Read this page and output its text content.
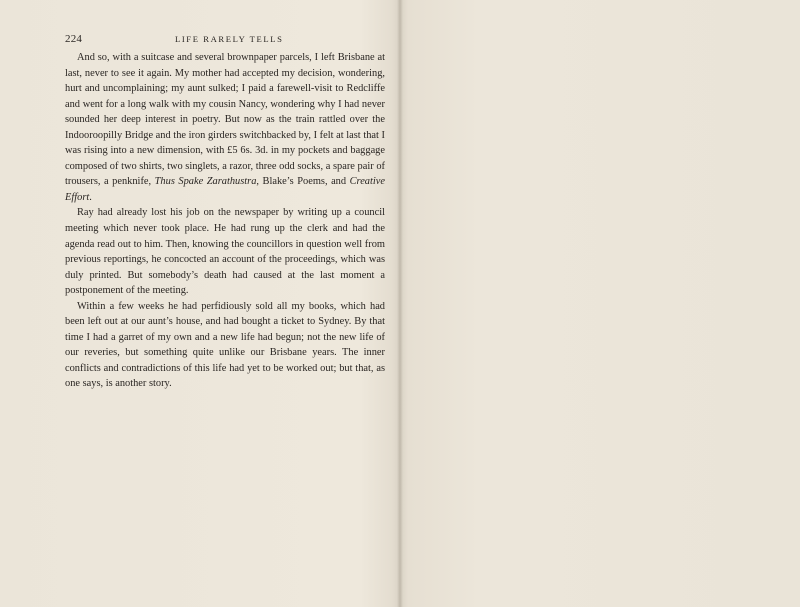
224	LIFE RARELY TELLS

And so, with a suitcase and several brownpaper parcels, I left Brisbane at last, never to see it again. My mother had accepted my decision, wondering, hurt and uncomplaining; my aunt sulked; I paid a farewell-visit to Redcliffe and went for a long walk with my cousin Nancy, wondering why I had never sounded her deep interest in poetry. But now as the train rattled over the Indooroopilly Bridge and the iron girders switchbacked by, I felt at last that I was rising into a new dimension, with £5 6s. 3d. in my pockets and baggage composed of two shirts, two singlets, a razor, three odd socks, a spare pair of trousers, a penknife, Thus Spake Zarathustra, Blake’s Poems, and Creative Effort.

Ray had already lost his job on the newspaper by writing up a council meeting which never took place. He had rung up the clerk and had the agenda read out to him. Then, knowing the councillors in question well from previous reportings, he concocted an account of the proceedings, which was duly printed. But somebody’s death had caused at the last moment a postponement of the meeting.

Within a few weeks he had perfidiously sold all my books, which had been left out at our aunt’s house, and had bought a ticket to Sydney. By that time I had a garret of my own and a new life had begun; not the new life of our reveries, but something quite unlike our Brisbane years. The inner conflicts and contradictions of this life had yet to be worked out; but that, as one says, is another story.
